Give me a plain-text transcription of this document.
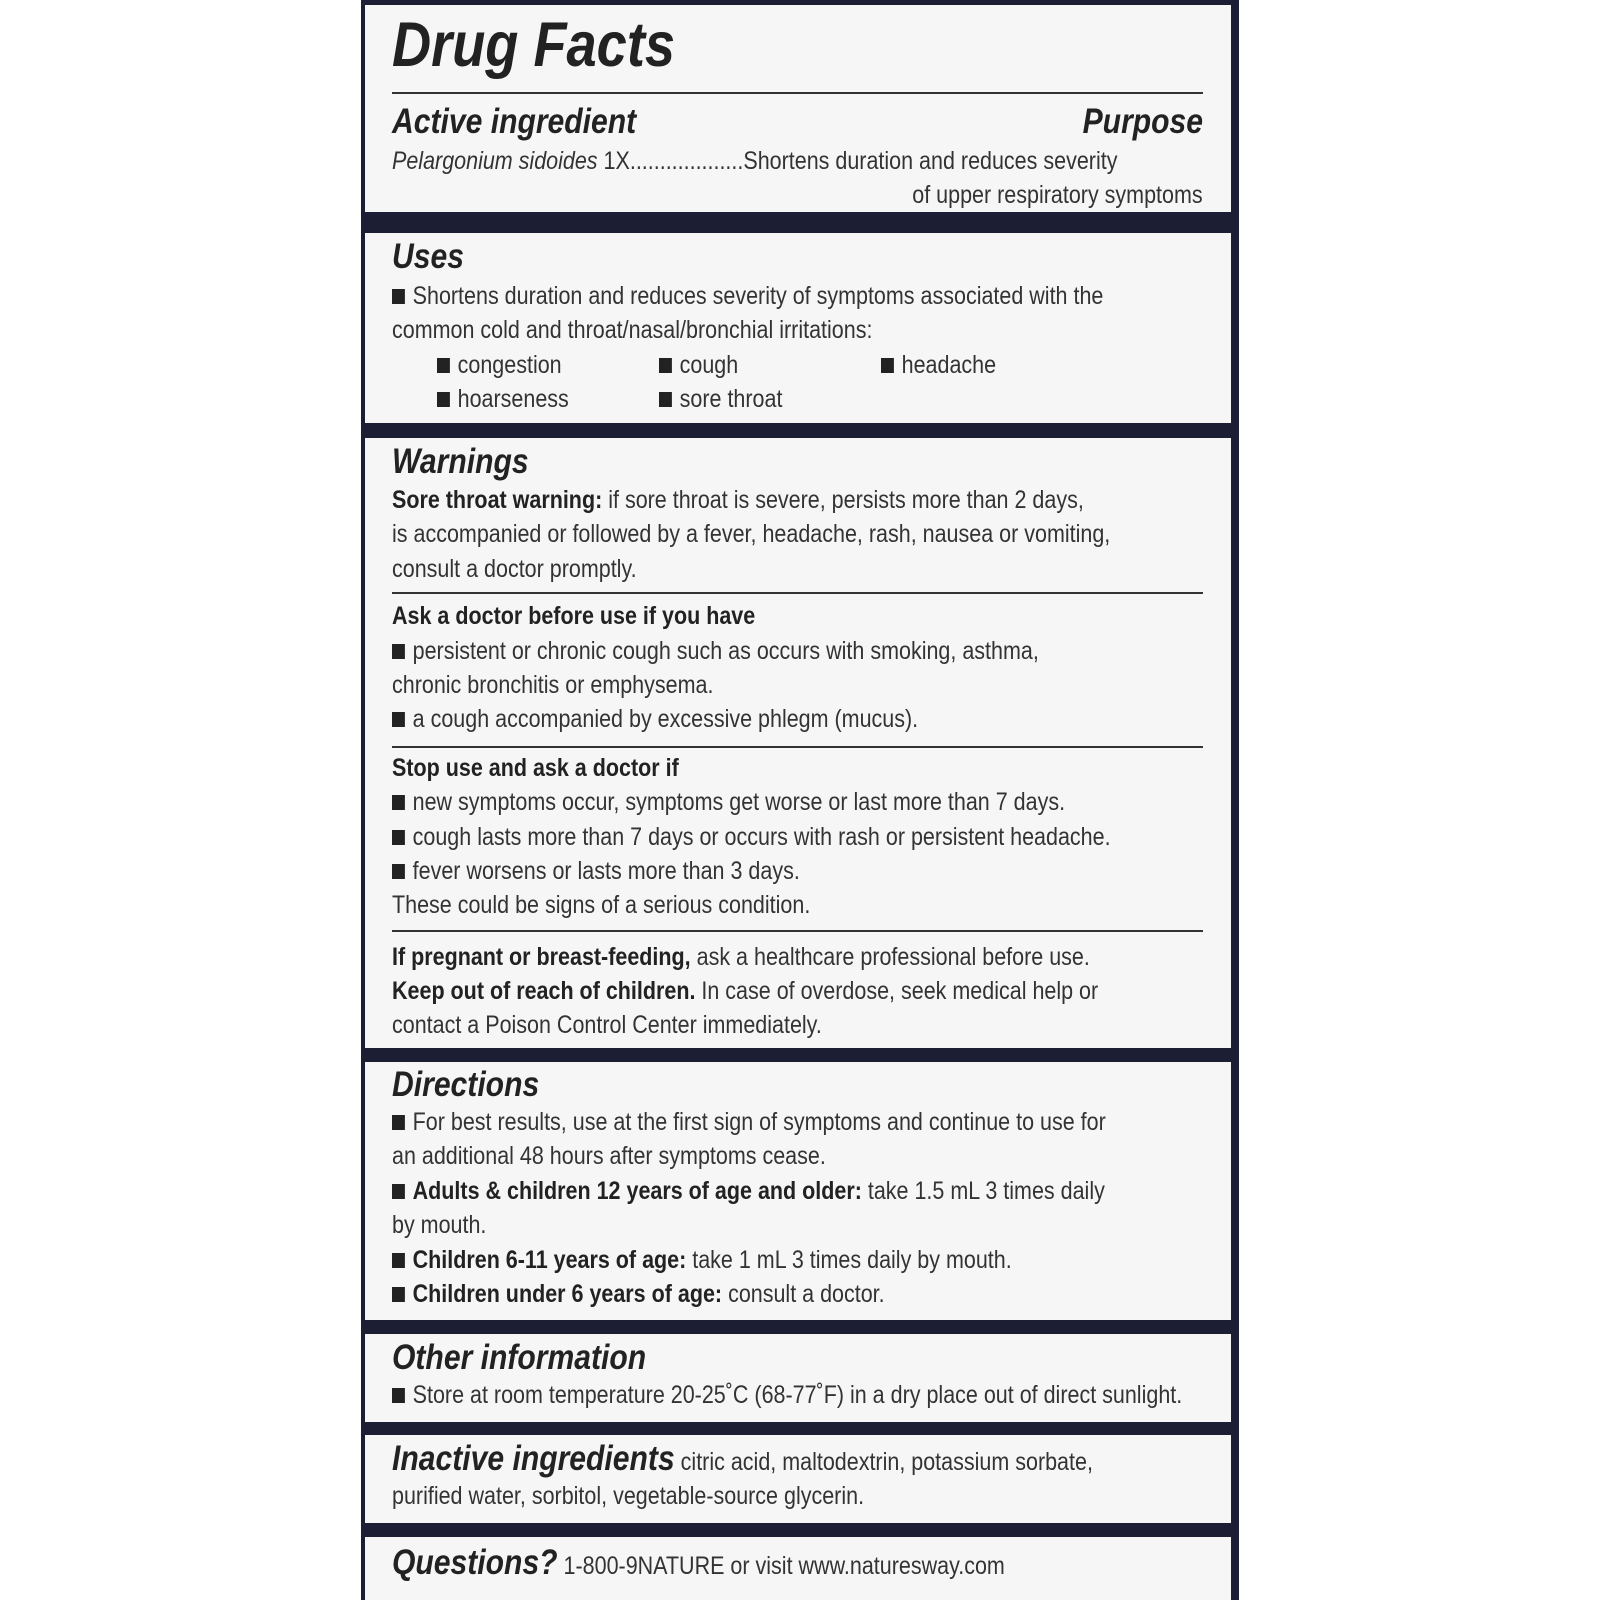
Drug Facts
Active ingredient	Purpose
Pelargonium sidoides 1X...................Shortens duration and reduces severity
of upper respiratory symptoms
Uses
Shortens duration and reduces severity of symptoms associated with the
common cold and throat/nasal/bronchial irritations:
congestion	cough	headache
hoarseness	sore throat
Warnings
Sore throat warning: if sore throat is severe, persists more than 2 days,
is accompanied or followed by a fever, headache, rash, nausea or vomiting,
consult a doctor promptly.
Ask a doctor before use if you have
persistent or chronic cough such as occurs with smoking, asthma,
chronic bronchitis or emphysema.
a cough accompanied by excessive phlegm (mucus).
Stop use and ask a doctor if
new symptoms occur, symptoms get worse or last more than 7 days.
cough lasts more than 7 days or occurs with rash or persistent headache.
fever worsens or lasts more than 3 days.
These could be signs of a serious condition.
If pregnant or breast-feeding, ask a healthcare professional before use.
Keep out of reach of children. In case of overdose, seek medical help or
contact a Poison Control Center immediately.
Directions
For best results, use at the first sign of symptoms and continue to use for
an additional 48 hours after symptoms cease.
Adults & children 12 years of age and older: take 1.5 mL 3 times daily
by mouth.
Children 6-11 years of age: take 1 mL 3 times daily by mouth.
Children under 6 years of age: consult a doctor.
Other information
Store at room temperature 20-25˚C (68-77˚F) in a dry place out of direct sunlight.
Inactive ingredients citric acid, maltodextrin, potassium sorbate,
purified water, sorbitol, vegetable-source glycerin.
Questions? 1-800-9NATURE or visit www.naturesway.com
